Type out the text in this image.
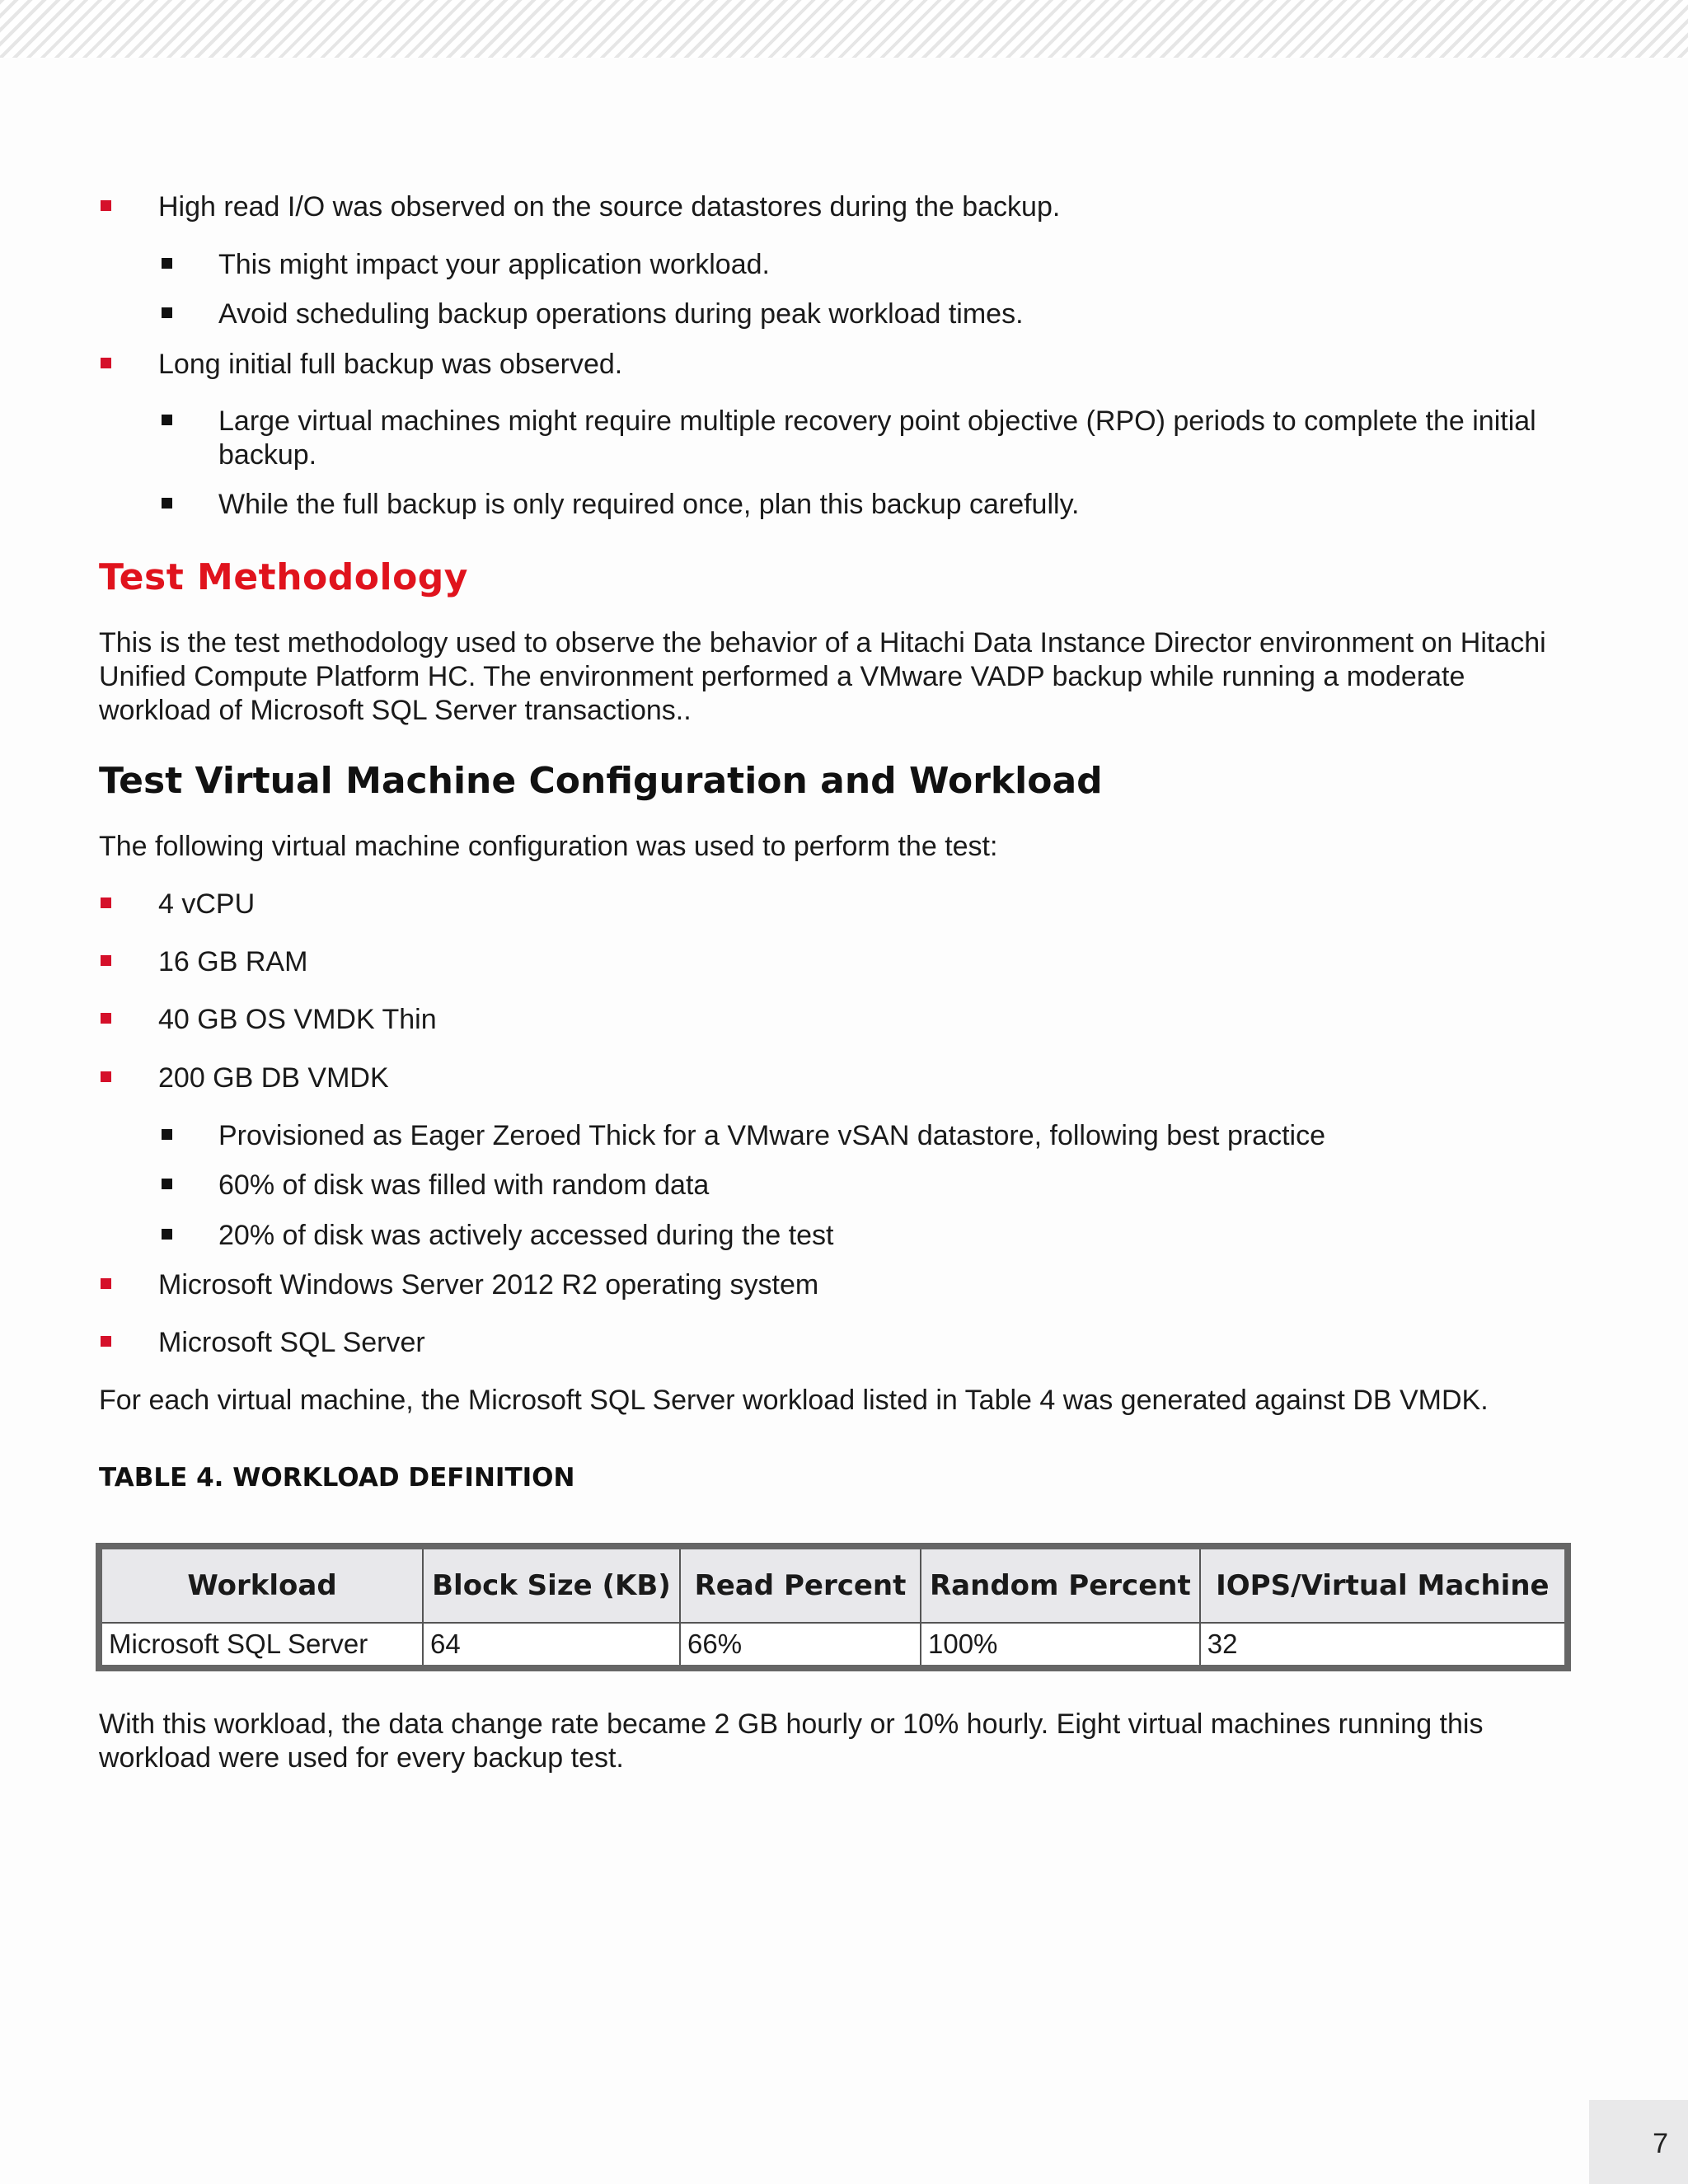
High read I/O was observed on the source datastores during the backup.
This might impact your application workload.
Avoid scheduling backup operations during peak workload times.
Long initial full backup was observed.
Large virtual machines might require multiple recovery point objective (RPO) periods to complete the initial backup.
While the full backup is only required once, plan this backup carefully.
Test Methodology

This is the test methodology used to observe the behavior of a Hitachi Data Instance Director environment on Hitachi Unified Compute Platform HC. The environment performed a VMware VADP backup while running a moderate workload of Microsoft SQL Server transactions..

Test Virtual Machine Configuration and Workload

The following virtual machine configuration was used to perform the test:

4 vCPU
16 GB RAM
40 GB OS VMDK Thin
200 GB DB VMDK
Provisioned as Eager Zeroed Thick for a VMware vSAN datastore, following best practice
60% of disk was filled with random data
20% of disk was actively accessed during the test
Microsoft Windows Server 2012 R2 operating system
Microsoft SQL Server

For each virtual machine, the Microsoft SQL Server workload listed in Table 4 was generated against DB VMDK.

TABLE 4. WORKLOAD DEFINITION

Workload	Block Size (KB)	Read Percent	Random Percent	IOPS/Virtual Machine
Microsoft SQL Server	64	66%	100%	32

With this workload, the data change rate became 2 GB hourly or 10% hourly. Eight virtual machines running this workload were used for every backup test.

7
